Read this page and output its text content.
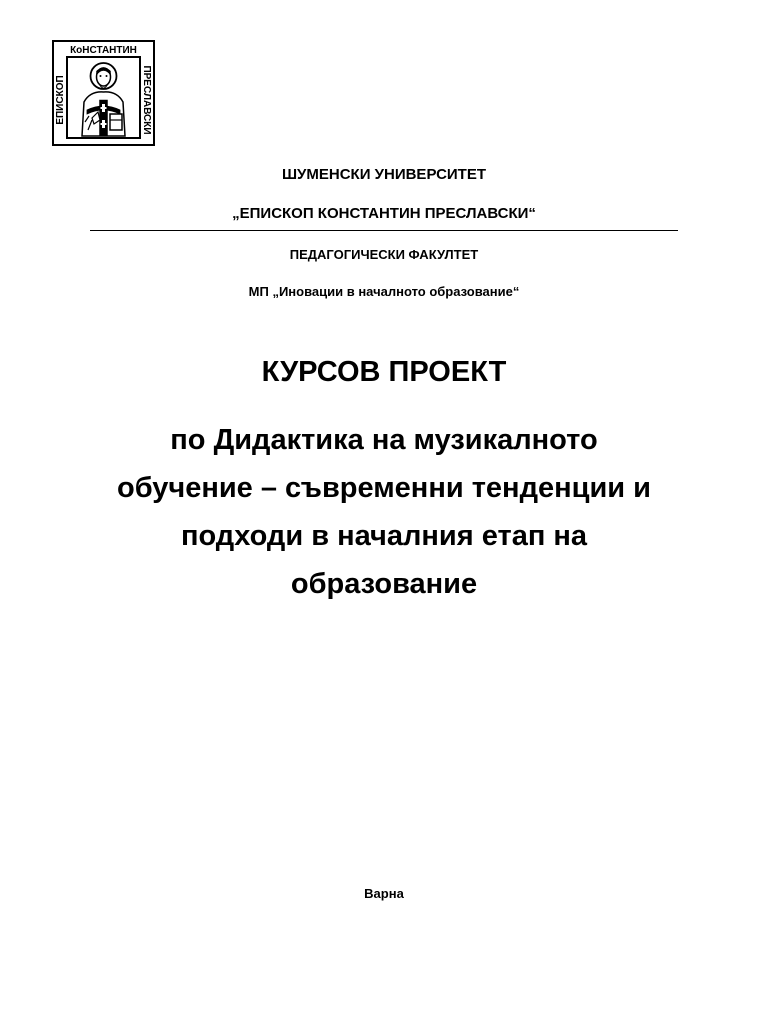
КоНСТАНТИН
ЕПИСКОП	ПРЕСЛАВСКИ
ШУМЕНСКИ УНИВЕРСИТЕТ
„ЕПИСКОП КОНСТАНТИН ПРЕСЛАВСКИ“
ПЕДАГОГИЧЕСКИ ФАКУЛТЕТ
МП „Иновации в началното образование“
КУРСОВ ПРОЕКТ
по Дидактика на музикалното
обучение – съвременни тенденции и
подходи в началния етап на
образование
Варна
